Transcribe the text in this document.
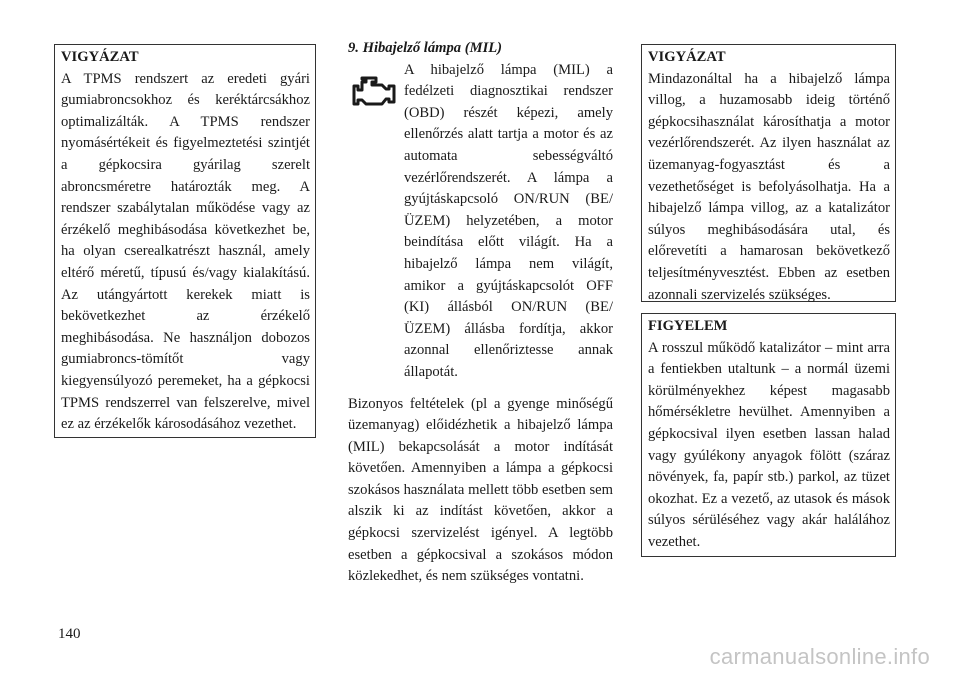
VIGYÁZAT

A TPMS rendszert az eredeti gyári gumiabroncsokhoz és keréktárcsákhoz optimalizálták. A TPMS rendszer nyomásértékeit és figyelmeztetési szintjét a gépkocsira gyárilag szerelt abroncsméretre határozták meg. A rendszer szabálytalan működése vagy az érzékelő meghibásodása következhet be, ha olyan cserealkatrészt használ, amely eltérő méretű, típusú és/vagy kialakítású. Az utángyártott kerekek miatt is bekövetkezhet az érzékelő meghibásodása. Ne használjon dobozos gumiabroncs-tömítőt vagy kiegyensúlyozó peremeket, ha a gépkocsi TPMS rendszerrel van felszerelve, mivel ez az érzékelők károsodásához vezethet.

9. Hibajelző lámpa (MIL)

A hibajelző lámpa (MIL) a fedélzeti diagnosztikai rendszer (OBD) részét képezi, amely ellenőrzés alatt tartja a motor és az automata sebességváltó vezérlőrendszerét. A lámpa a gyújtáskapcsoló ON/RUN (BE/ÜZEM) helyzetében, a motor beindítása előtt világít. Ha a hibajelző lámpa nem világít, amikor a gyújtáskapcsolót OFF (KI) állásból ON/RUN (BE/ÜZEM) állásba fordítja, akkor azonnal ellenőriztesse annak állapotát.

Bizonyos feltételek (pl a gyenge minőségű üzemanyag) előidézhetik a hibajelző lámpa (MIL) bekapcsolását a motor indítását követően. Amennyiben a lámpa a gépkocsi szokásos használata mellett több esetben sem alszik ki az indítást követően, akkor a gépkocsi szervizelést igényel. A legtöbb esetben a gépkocsival a szokásos módon közlekedhet, és nem szükséges vontatni.

VIGYÁZAT

Mindazonáltal ha a hibajelző lámpa villog, a huzamosabb ideig történő gépkocsihasználat károsíthatja a motor vezérlőrendszerét. Az ilyen használat az üzemanyag-fogyasztást és a vezethetőséget is befolyásolhatja. Ha a hibajelző lámpa villog, az a katalizátor súlyos meghibásodására utal, és előrevetíti a hamarosan bekövetkező teljesítményvesztést. Ebben az esetben azonnali szervizelés szükséges.

FIGYELEM

A rosszul működő katalizátor – mint arra a fentiekben utaltunk – a normál üzemi körülményekhez képest magasabb hőmérsékletre hevülhet. Amennyiben a gépkocsival ilyen esetben lassan halad vagy gyúlékony anyagok fölött (száraz növények, fa, papír stb.) parkol, az tüzet okozhat. Ez a vezető, az utasok és mások súlyos sérüléséhez vagy akár halálához vezethet.

140
carmanualsonline.info
